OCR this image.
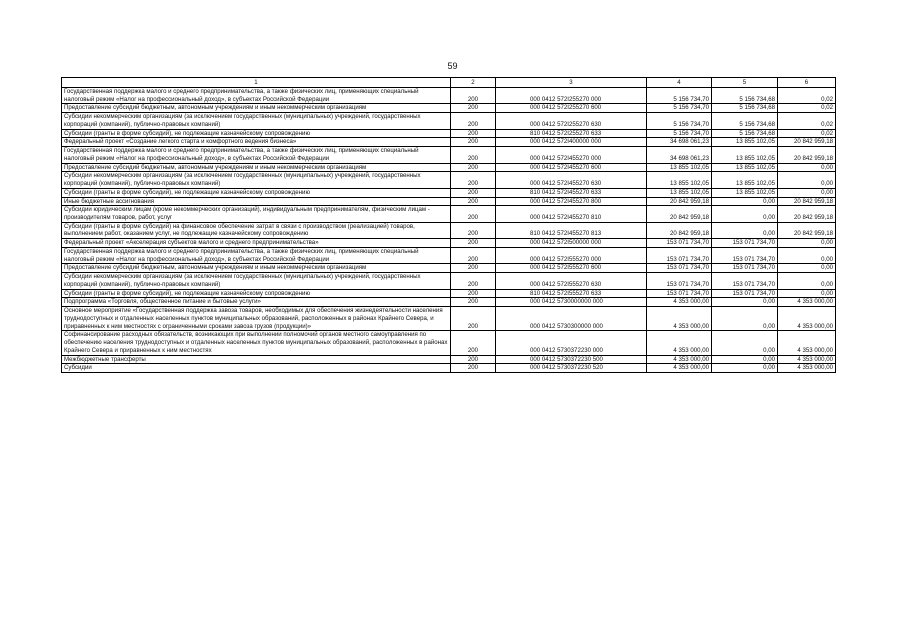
59
1	2	3	4	5	6
Государственная поддержка малого и среднего предпринимательства, а также физических лиц, применяющих специальный налоговый режим «Налог на профессиональный доход», в субъектах Российской Федерации	200	000 0412 572I255270 000	5 156 734,70	5 156 734,68	0,02
Предоставление субсидий бюджетным, автономным учреждениям и иным некоммерческим организациям	200	000 0412 572I255270 600	5 156 734,70	5 156 734,68	0,02
Субсидии некоммерческим организациям (за исключением государственных (муниципальных) учреждений, государственных корпораций (компаний), публично-правовых компаний)	200	000 0412 572I255270 630	5 156 734,70	5 156 734,68	0,02
Субсидии (гранты в форме субсидий), не подлежащие казначейскому сопровождению	200	810 0412 572I255270 633	5 156 734,70	5 156 734,68	0,02
Федеральный проект «Создание легкого старта и комфортного ведения бизнеса»	200	000 0412 572I400000 000	34 698 061,23	13 855 102,05	20 842 959,18
Государственная поддержка малого и среднего предпринимательства, а также физических лиц, применяющих специальный налоговый режим «Налог на профессиональный доход», в субъектах Российской Федерации	200	000 0412 572I455270 000	34 698 061,23	13 855 102,05	20 842 959,18
Предоставление субсидий бюджетным, автономным учреждениям и иным некоммерческим организациям	200	000 0412 572I455270 600	13 855 102,05	13 855 102,05	0,00
Субсидии некоммерческим организациям (за исключением государственных (муниципальных) учреждений, государственных корпораций (компаний), публично-правовых компаний)	200	000 0412 572I455270 630	13 855 102,05	13 855 102,05	0,00
Субсидии (гранты в форме субсидий), не подлежащие казначейскому сопровождению	200	810 0412 572I455270 633	13 855 102,05	13 855 102,05	0,00
Иные бюджетные ассигнования	200	000 0412 572I455270 800	20 842 959,18	0,00	20 842 959,18
Субсидии юридическим лицам (кроме некоммерческих организаций), индивидуальным предпринимателям, физическим лицам - производителям товаров, работ, услуг	200	000 0412 572I455270 810	20 842 959,18	0,00	20 842 959,18
Субсидии (гранты в форме субсидий) на финансовое обеспечение затрат в связи с производством (реализацией) товаров, выполнением работ, оказанием услуг, не подлежащие казначейскому сопровождению	200	810 0412 572I455270 813	20 842 959,18	0,00	20 842 959,18
Федеральный проект «Акселерация субъектов малого и среднего предпринимательства»	200	000 0412 572I500000 000	153 071 734,70	153 071 734,70	0,00
Государственная поддержка малого и среднего предпринимательства, а также физических лиц, применяющих специальный налоговый режим «Налог на профессиональный доход», в субъектах Российской Федерации	200	000 0412 572I555270 000	153 071 734,70	153 071 734,70	0,00
Предоставление субсидий бюджетным, автономным учреждениям и иным некоммерческим организациям	200	000 0412 572I555270 600	153 071 734,70	153 071 734,70	0,00
Субсидии некоммерческим организациям (за исключением государственных (муниципальных) учреждений, государственных корпораций (компаний), публично-правовых компаний)	200	000 0412 572I555270 630	153 071 734,70	153 071 734,70	0,00
Субсидии (гранты в форме субсидий), не подлежащие казначейскому сопровождению	200	810 0412 572I555270 633	153 071 734,70	153 071 734,70	0,00
Подпрограмма «Торговля, общественное питание и бытовые услуги»	200	000 0412 5730000000 000	4 353 000,00	0,00	4 353 000,00
Основное мероприятие «Государственная поддержка завоза товаров, необходимых для обеспечения жизнедеятельности населения труднодоступных и отдаленных населенных пунктов муниципальных образований, расположенных в районах Крайнего Севера, и приравненных к ним местностях с ограниченными сроками завоза грузов (продукции)»	200	000 0412 5730300000 000	4 353 000,00	0,00	4 353 000,00
Софинансирование расходных обязательств, возникающих при выполнении полномочий органов местного самоуправления по обеспечению населения труднодоступных и отдаленных населенных пунктов муниципальных образований, расположенных в районах Крайнего Севера и приравненных к ним местностях	200	000 0412 5730372230 000	4 353 000,00	0,00	4 353 000,00
Межбюджетные трансферты	200	000 0412 5730372230 500	4 353 000,00	0,00	4 353 000,00
Субсидии	200	000 0412 5730372230 520	4 353 000,00	0,00	4 353 000,00
